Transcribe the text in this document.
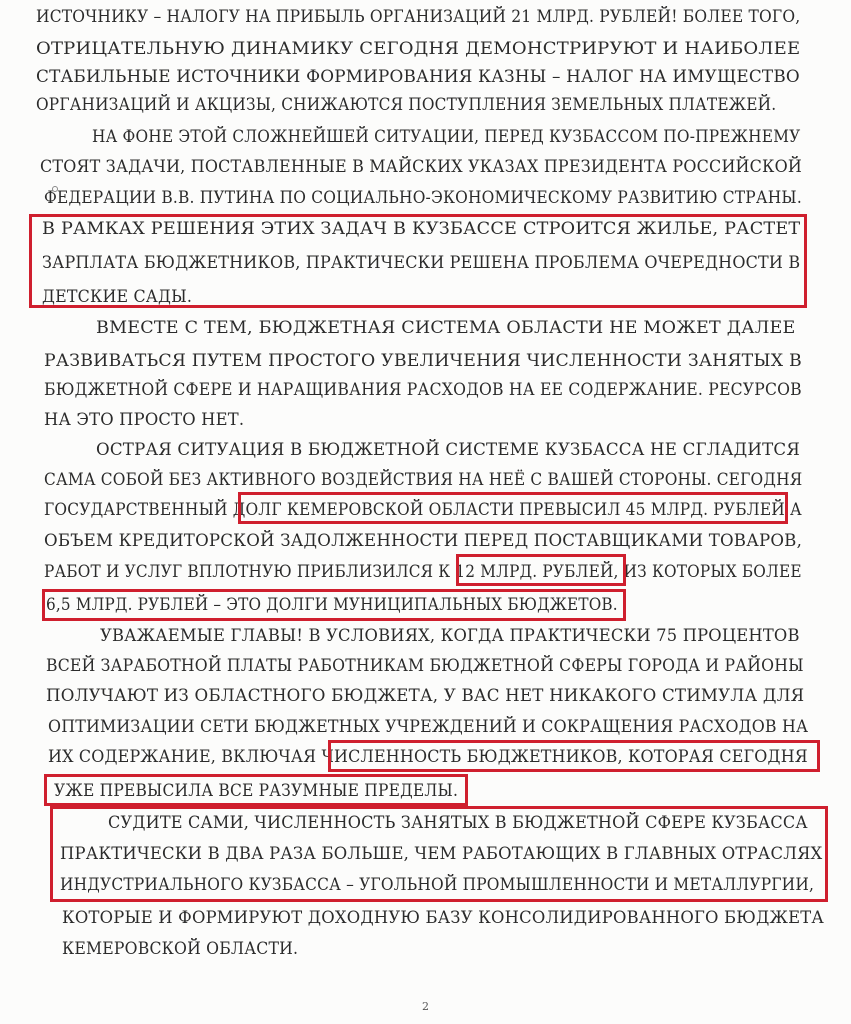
ИСТОЧНИКУ – НАЛОГУ НА ПРИБЫЛЬ ОРГАНИЗАЦИЙ 21 МЛРД. РУБЛЕЙ! БОЛЕЕ ТОГО,

ОТРИЦАТЕЛЬНУЮ ДИНАМИКУ СЕГОДНЯ ДЕМОНСТРИРУЮТ И НАИБОЛЕЕ

СТАБИЛЬНЫЕ ИСТОЧНИКИ ФОРМИРОВАНИЯ КАЗНЫ – НАЛОГ НА ИМУЩЕСТВО

ОРГАНИЗАЦИЙ И АКЦИЗЫ, СНИЖАЮТСЯ ПОСТУПЛЕНИЯ ЗЕМЕЛЬНЫХ ПЛАТЕЖЕЙ.

НА ФОНЕ ЭТОЙ СЛОЖНЕЙШЕЙ СИТУАЦИИ, ПЕРЕД КУЗБАССОМ ПО-ПРЕЖНЕМУ

СТОЯТ ЗАДАЧИ, ПОСТАВЛЕННЫЕ В МАЙСКИХ УКАЗАХ ПРЕЗИДЕНТА РОССИЙСКОЙ

ФЕДЕРАЦИИ В.В. ПУТИНА ПО СОЦИАЛЬНО-ЭКОНОМИЧЕСКОМУ РАЗВИТИЮ СТРАНЫ.

В РАМКАХ РЕШЕНИЯ ЭТИХ ЗАДАЧ В КУЗБАССЕ СТРОИТСЯ ЖИЛЬЕ, РАСТЕТ

ЗАРПЛАТА БЮДЖЕТНИКОВ, ПРАКТИЧЕСКИ РЕШЕНА ПРОБЛЕМА ОЧЕРЕДНОСТИ В

ДЕТСКИЕ САДЫ.

ВМЕСТЕ С ТЕМ, БЮДЖЕТНАЯ СИСТЕМА ОБЛАСТИ НЕ МОЖЕТ ДАЛЕЕ

РАЗВИВАТЬСЯ ПУТЕМ ПРОСТОГО УВЕЛИЧЕНИЯ ЧИСЛЕННОСТИ ЗАНЯТЫХ В

БЮДЖЕТНОЙ СФЕРЕ И НАРАЩИВАНИЯ РАСХОДОВ НА ЕЕ СОДЕРЖАНИЕ. РЕСУРСОВ

НА ЭТО ПРОСТО НЕТ.

ОСТРАЯ СИТУАЦИЯ В БЮДЖЕТНОЙ СИСТЕМЕ КУЗБАССА НЕ СГЛАДИТСЯ

САМА СОБОЙ БЕЗ АКТИВНОГО ВОЗДЕЙСТВИЯ НА НЕЁ С ВАШЕЙ СТОРОНЫ. СЕГОДНЯ

ГОСУДАРСТВЕННЫЙ ДОЛГ КЕМЕРОВСКОЙ ОБЛАСТИ ПРЕВЫСИЛ 45 МЛРД. РУБЛЕЙ А

ОБЪЕМ КРЕДИТОРСКОЙ ЗАДОЛЖЕННОСТИ ПЕРЕД ПОСТАВЩИКАМИ ТОВАРОВ,

РАБОТ И УСЛУГ ВПЛОТНУЮ ПРИБЛИЗИЛСЯ К 12 МЛРД. РУБЛЕЙ, ИЗ КОТОРЫХ БОЛЕЕ

6,5 МЛРД. РУБЛЕЙ – ЭТО ДОЛГИ МУНИЦИПАЛЬНЫХ БЮДЖЕТОВ.

УВАЖАЕМЫЕ ГЛАВЫ! В УСЛОВИЯХ, КОГДА ПРАКТИЧЕСКИ 75 ПРОЦЕНТОВ

ВСЕЙ ЗАРАБОТНОЙ ПЛАТЫ РАБОТНИКАМ БЮДЖЕТНОЙ СФЕРЫ ГОРОДА И РАЙОНЫ

ПОЛУЧАЮТ ИЗ ОБЛАСТНОГО БЮДЖЕТА, У ВАС НЕТ НИКАКОГО СТИМУЛА ДЛЯ

ОПТИМИЗАЦИИ СЕТИ БЮДЖЕТНЫХ УЧРЕЖДЕНИЙ И СОКРАЩЕНИЯ РАСХОДОВ НА

ИХ СОДЕРЖАНИЕ, ВКЛЮЧАЯ ЧИСЛЕННОСТЬ БЮДЖЕТНИКОВ, КОТОРАЯ СЕГОДНЯ

УЖЕ ПРЕВЫСИЛА ВСЕ РАЗУМНЫЕ ПРЕДЕЛЫ.

СУДИТЕ САМИ, ЧИСЛЕННОСТЬ ЗАНЯТЫХ В БЮДЖЕТНОЙ СФЕРЕ КУЗБАССА

ПРАКТИЧЕСКИ В ДВА РАЗА БОЛЬШЕ, ЧЕМ РАБОТАЮЩИХ В ГЛАВНЫХ ОТРАСЛЯХ

ИНДУСТРИАЛЬНОГО КУЗБАССА – УГОЛЬНОЙ ПРОМЫШЛЕННОСТИ И МЕТАЛЛУРГИИ,

КОТОРЫЕ И ФОРМИРУЮТ ДОХОДНУЮ БАЗУ КОНСОЛИДИРОВАННОГО БЮДЖЕТА

КЕМЕРОВСКОЙ ОБЛАСТИ.

2
